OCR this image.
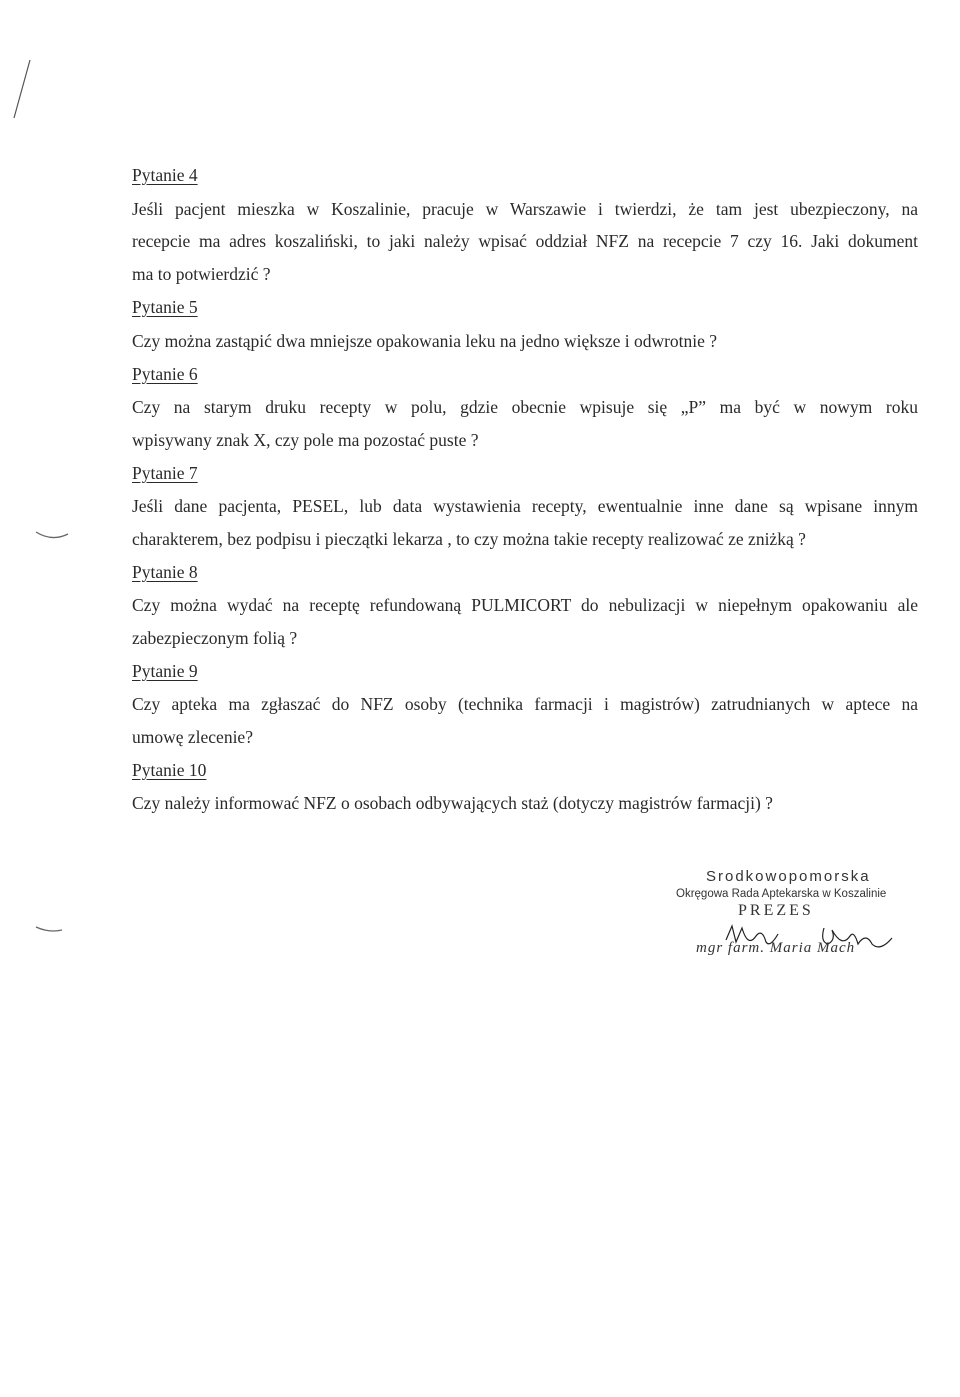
Pytanie 4

Jeśli pacjent mieszka w Koszalinie, pracuje w Warszawie i twierdzi, że tam jest ubezpieczony, na

recepcie ma adres koszaliński, to jaki należy wpisać oddział NFZ na recepcie 7 czy 16. Jaki dokument

ma to potwierdzić ?

Pytanie 5

Czy można zastąpić dwa mniejsze opakowania leku na jedno większe i odwrotnie ?

Pytanie 6

Czy na starym druku recepty w polu, gdzie obecnie wpisuje się „P” ma być w nowym roku

wpisywany znak X, czy pole ma pozostać puste ?

Pytanie 7

Jeśli dane pacjenta, PESEL, lub data wystawienia recepty, ewentualnie inne dane są wpisane innym

charakterem, bez podpisu i pieczątki lekarza , to czy można takie recepty realizować ze zniżką ?

Pytanie 8

Czy można wydać na receptę refundowaną PULMICORT do nebulizacji w niepełnym opakowaniu ale

zabezpieczonym folią ?

Pytanie 9

Czy apteka ma zgłaszać do NFZ osoby (technika farmacji i magistrów) zatrudnianych w aptece na

umowę zlecenie?

Pytanie 10

Czy należy informować NFZ o osobach odbywających staż (dotyczy magistrów farmacji) ?

Srodkowopomorska
Okręgowa Rada Aptekarska w Koszalinie
PREZES
mgr farm. Maria Mach
